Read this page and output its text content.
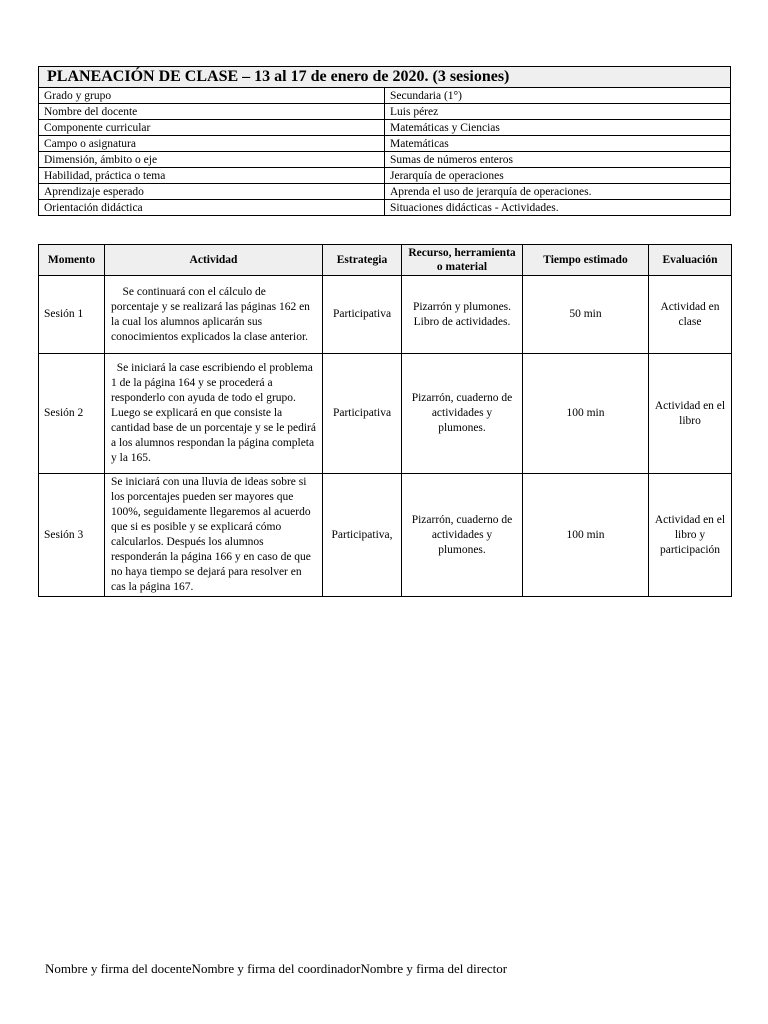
PLANEACIÓN DE CLASE – 13 al 17 de enero de 2020. (3 sesiones)	
Grado y grupo	Secundaria (1°)
Nombre del docente	Luis pérez
Componente curricular	Matemáticas y Ciencias
Campo o asignatura	Matemáticas
Dimensión, ámbito o eje	Sumas de números enteros
Habilidad, práctica o tema	Jerarquía de operaciones
Aprendizaje esperado	Aprenda el uso de jerarquía de operaciones.
Orientación didáctica	Situaciones didácticas - Actividades.
Momento	Actividad	Estrategia	Recurso, herramienta o material	Tiempo estimado	Evaluación
Sesión 1	Se continuará con el cálculo de porcentaje y se realizará las páginas 162 en la cual los alumnos aplicarán sus conocimientos explicados la clase anterior.	Participativa	Pizarrón y plumones. Libro de actividades.	50 min	Actividad en clase
Sesión 2	Se iniciará la case escribiendo el problema 1 de la página 164 y se procederá a responderlo con ayuda de todo el grupo. Luego se explicará en que consiste la cantidad base de un porcentaje y se le pedirá a los alumnos respondan la página completa y la 165.	Participativa	Pizarrón, cuaderno de actividades y plumones.	100 min	Actividad en el libro
Sesión 3	Se iniciará con una lluvia de ideas sobre si los porcentajes pueden ser mayores que 100%, seguidamente llegaremos al acuerdo que si es posible y se explicará cómo calcularlos. Después los alumnos responderán la página 166 y en caso de que no haya tiempo se dejará para resolver en cas la página 167.	Participativa,	Pizarrón, cuaderno de actividades y plumones.	100 min	Actividad en el libro y participación
Nombre y firma del docenteNombre y firma del coordinadorNombre y firma del director
